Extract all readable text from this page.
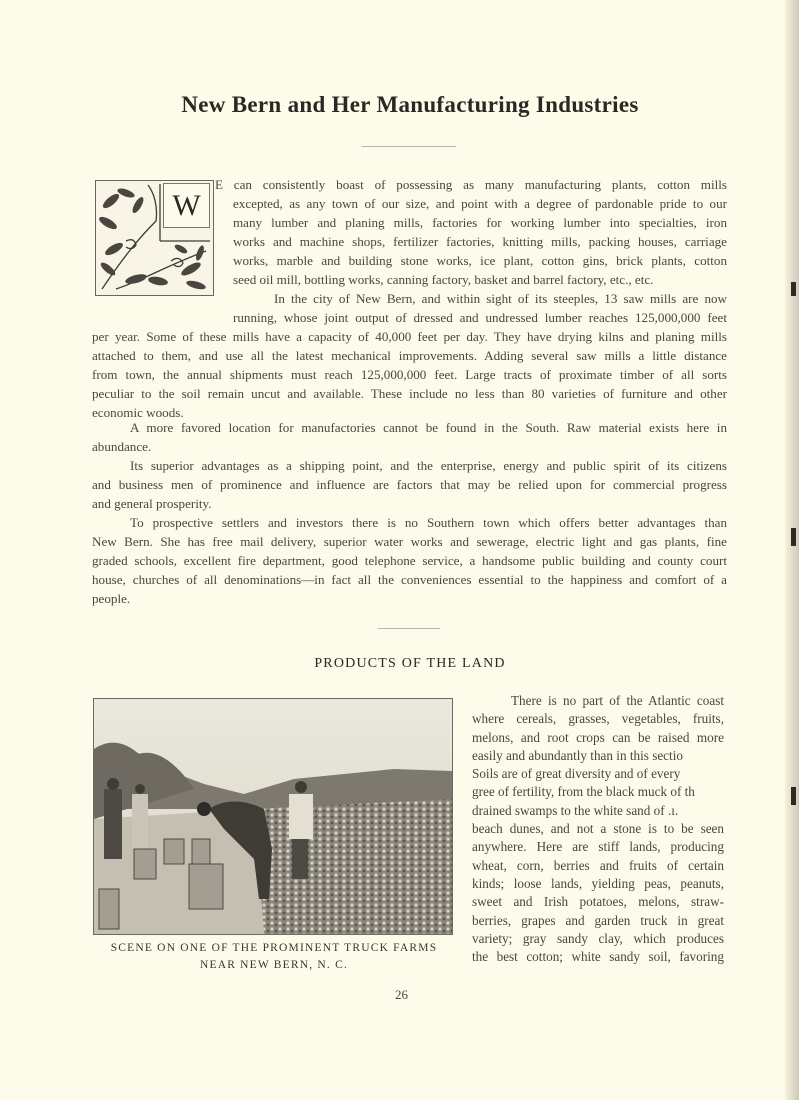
New Bern and Her Manufacturing Industries
W
E can consistently boast of possessing as many manufacturing plants, cotton mills
excepted, as any town of our size, and point with a degree of pardonable pride to our
many lumber and planing mills, factories for working lumber into specialties, iron
works and machine shops, fertilizer factories, knitting mills, packing houses, carriage
works, marble and building stone works, ice plant, cotton gins, brick plants, cotton
seed oil mill, bottling works, canning factory, basket and barrel factory, etc., etc.
In the city of New Bern, and within sight of its steeples, 13 saw mills are now
running, whose joint output of dressed and undressed lumber reaches 125,000,000 feet
per year. Some of these mills have a capacity of 40,000 feet per day. They have drying kilns and planing mills
attached to them, and use all the latest mechanical improvements. Adding several saw mills a little distance
from town, the annual shipments must reach 125,000,000 feet. Large tracts of proximate timber of all sorts
peculiar to the soil remain uncut and available. These include no less than 80 varieties of furniture and other
economic woods.
A more favored location for manufactories cannot be found in the South. Raw material exists here in
abundance.
Its superior advantages as a shipping point, and the enterprise, energy and public spirit of its citizens
and business men of prominence and influence are factors that may be relied upon for commercial progress
and general prosperity.
To prospective settlers and investors there is no Southern town which offers better advantages than
New Bern. She has free mail delivery, superior water works and sewerage, electric light and gas plants, fine
graded schools, excellent fire department, good telephone service, a handsome public building and county court
house, churches of all denominations—in fact all the conveniences essential to the happiness and comfort of a
people.
PRODUCTS OF THE LAND
SCENE ON ONE OF THE PROMINENT TRUCK FARMS
NEAR NEW BERN, N. C.
There is no part of the Atlantic coast
where cereals, grasses, vegetables, fruits,
melons, and root crops can be raised more
easily and abundantly than in this sectio
Soils are of great diversity and of every
gree of fertility, from the black muck of th
drained swamps to the white sand of .ı.
beach dunes, and not a stone is to be seen
anywhere. Here are stiff lands, producing
wheat, corn, berries and fruits of certain
kinds; loose lands, yielding peas, peanuts,
sweet and Irish potatoes, melons, straw-
berries, grapes and garden truck in great
variety; gray sandy clay, which produces
the best cotton; white sandy soil, favoring
26
